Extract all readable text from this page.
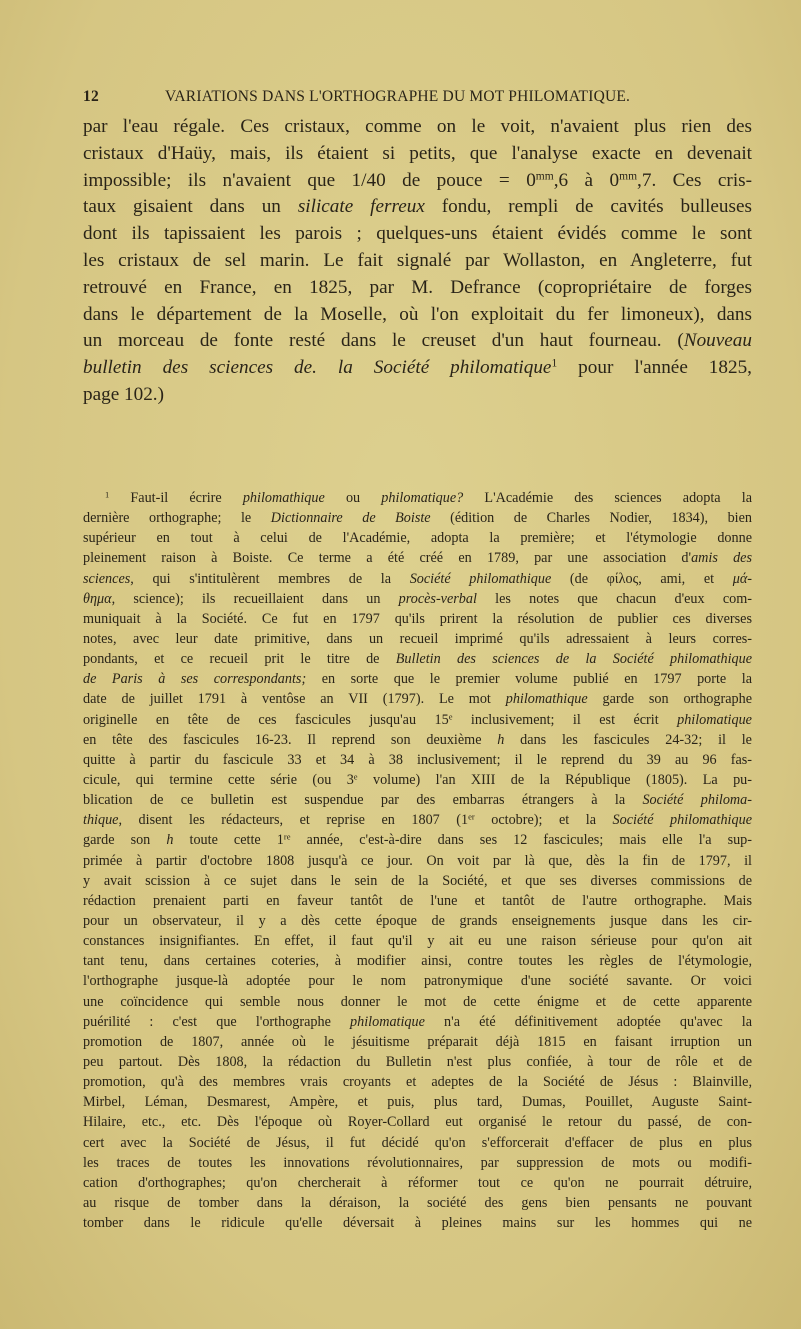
12	VARIATIONS DANS L'ORTHOGRAPHE DU MOT PHILOMATIQUE.
par l'eau régale. Ces cristaux, comme on le voit, n'avaient plus rien des
cristaux d'Haüy, mais, ils étaient si petits, que l'analyse exacte en devenait
impossible; ils n'avaient que 1/40 de pouce = $0^{mm},6$ à $0^{mm},7$. Ces cris-
taux gisaient dans un silicate ferreux fondu, rempli de cavités bulleuses
dont ils tapissaient les parois ; quelques-uns étaient évidés comme le sont
les cristaux de sel marin. Le fait signalé par Wollaston, en Angleterre, fut
retrouvé en France, en 1825, par M. Defrance (copropriétaire de forges
dans le département de la Moselle, où l'on exploitait du fer limoneux), dans
un morceau de fonte resté dans le creuset d'un haut fourneau. (Nouveau
bulletin des sciences de. la Société philomatique$^1$ pour l'année 1825,
page 102.)
$^1$ Faut-il écrire philomathique ou philomatique? L'Académie des sciences adopta la
dernière orthographe; le Dictionnaire de Boiste (édition de Charles Nodier, 1834), bien
supérieur en tout à celui de l'Académie, adopta la première; et l'étymologie donne
pleinement raison à Boiste. Ce terme a été créé en 1789, par une association d'amis des
sciences, qui s'intitulèrent membres de la Société philomathique (de φίλος, ami, et μά-
θημα, science); ils recueillaient dans un procès-verbal les notes que chacun d'eux com-
muniquait à la Société. Ce fut en 1797 qu'ils prirent la résolution de publier ces diverses
notes, avec leur date primitive, dans un recueil imprimé qu'ils adressaient à leurs corres-
pondants, et ce recueil prit le titre de Bulletin des sciences de la Société philomathique
de Paris à ses correspondants; en sorte que le premier volume publié en 1797 porte la
date de juillet 1791 à ventôse an VII (1797). Le mot philomathique garde son orthographe
originelle en tête de ces fascicules jusqu'au 15e inclusivement; il est écrit philomatique
en tête des fascicules 16-23. Il reprend son deuxième h dans les fascicules 24-32; il le
quitte à partir du fascicule 33 et 34 à 38 inclusivement; il le reprend du 39 au 96 fas-
cicule, qui termine cette série (ou 3e volume) l'an XIII de la République (1805). La pu-
blication de ce bulletin est suspendue par des embarras étrangers à la Société philoma-
thique, disent les rédacteurs, et reprise en 1807 (1er octobre); et la Société philomathique
garde son h toute cette 1re année, c'est-à-dire dans ses 12 fascicules; mais elle l'a sup-
primée à partir d'octobre 1808 jusqu'à ce jour. On voit par là que, dès la fin de 1797, il
y avait scission à ce sujet dans le sein de la Société, et que ses diverses commissions de
rédaction prenaient parti en faveur tantôt de l'une et tantôt de l'autre orthographe. Mais
pour un observateur, il y a dès cette époque de grands enseignements jusque dans les cir-
constances insignifiantes. En effet, il faut qu'il y ait eu une raison sérieuse pour qu'on ait
tant tenu, dans certaines coteries, à modifier ainsi, contre toutes les règles de l'étymologie,
l'orthographe jusque-là adoptée pour le nom patronymique d'une société savante. Or voici
une coïncidence qui semble nous donner le mot de cette énigme et de cette apparente
puérilité : c'est que l'orthographe philomatique n'a été définitivement adoptée qu'avec la
promotion de 1807, année où le jésuitisme préparait déjà 1815 en faisant irruption un
peu partout. Dès 1808, la rédaction du Bulletin n'est plus confiée, à tour de rôle et de
promotion, qu'à des membres vrais croyants et adeptes de la Société de Jésus : Blainville,
Mirbel, Léman, Desmarest, Ampère, et puis, plus tard, Dumas, Pouillet, Auguste Saint-
Hilaire, etc., etc. Dès l'époque où Royer-Collard eut organisé le retour du passé, de con-
cert avec la Société de Jésus, il fut décidé qu'on s'efforcerait d'effacer de plus en plus
les traces de toutes les innovations révolutionnaires, par suppression de mots ou modifi-
cation d'orthographes; qu'on chercherait à réformer tout ce qu'on ne pourrait détruire,
au risque de tomber dans la déraison, la société des gens bien pensants ne pouvant
tomber dans le ridicule qu'elle déversait à pleines mains sur les hommes qui ne
